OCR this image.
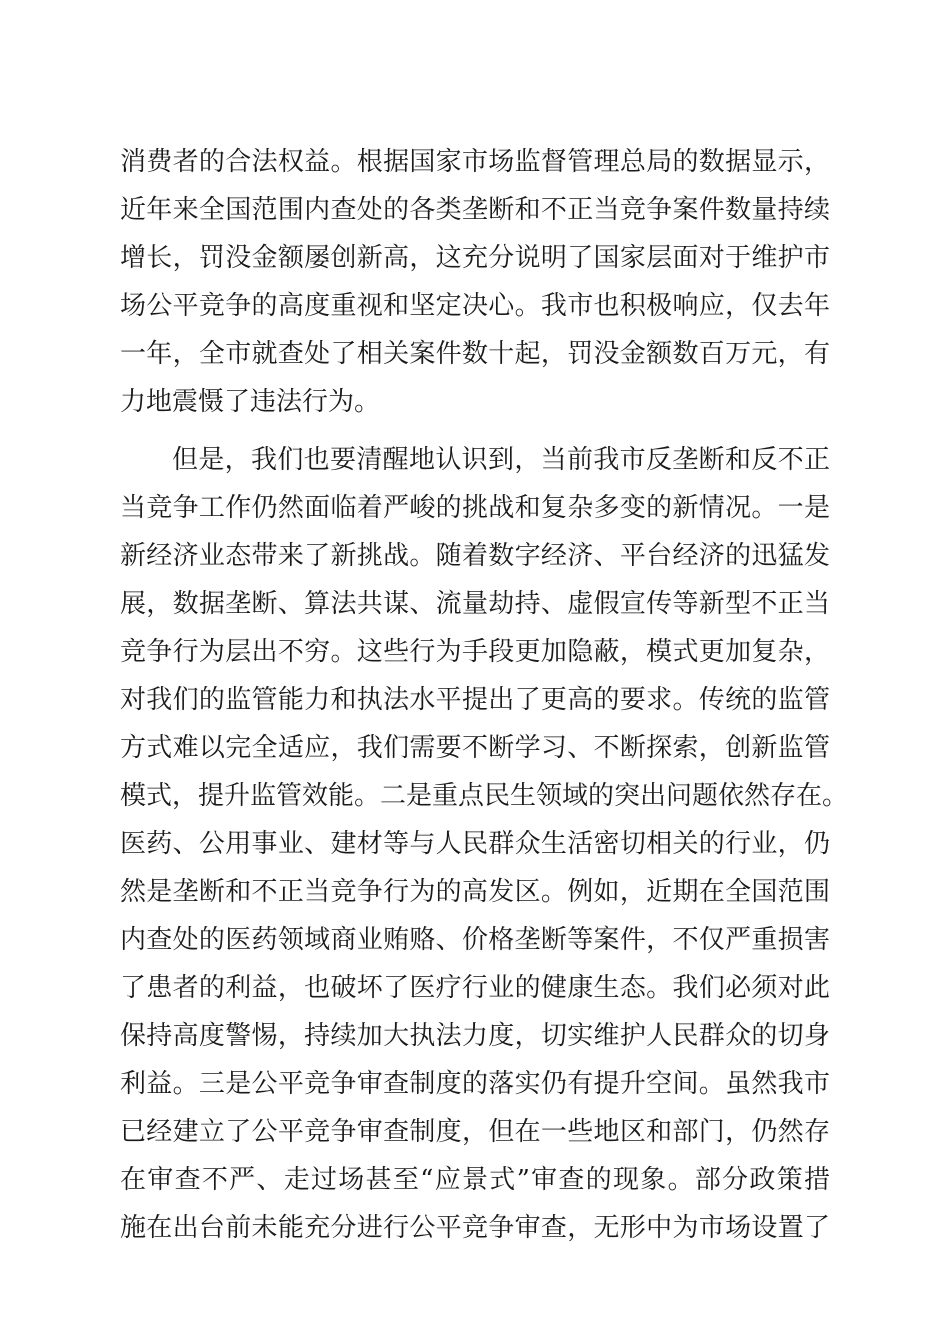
消费者的合法权益。根据国家市场监督管理总局的数据显示，
近年来全国范围内查处的各类垄断和不正当竞争案件数量持续
增长，罚没金额屡创新高，这充分说明了国家层面对于维护市
场公平竞争的高度重视和坚定决心。我市也积极响应，仅去年
一年，全市就查处了相关案件数十起，罚没金额数百万元，有
力地震慑了违法行为。
但是，我们也要清醒地认识到，当前我市反垄断和反不正
当竞争工作仍然面临着严峻的挑战和复杂多变的新情况。一是
新经济业态带来了新挑战。随着数字经济、平台经济的迅猛发
展，数据垄断、算法共谋、流量劫持、虚假宣传等新型不正当
竞争行为层出不穷。这些行为手段更加隐蔽，模式更加复杂，
对我们的监管能力和执法水平提出了更高的要求。传统的监管
方式难以完全适应，我们需要不断学习、不断探索，创新监管
模式，提升监管效能。二是重点民生领域的突出问题依然存在。
医药、公用事业、建材等与人民群众生活密切相关的行业，仍
然是垄断和不正当竞争行为的高发区。例如，近期在全国范围
内查处的医药领域商业贿赂、价格垄断等案件，不仅严重损害
了患者的利益，也破坏了医疗行业的健康生态。我们必须对此
保持高度警惕，持续加大执法力度，切实维护人民群众的切身
利益。三是公平竞争审查制度的落实仍有提升空间。虽然我市
已经建立了公平竞争审查制度，但在一些地区和部门，仍然存
在审查不严、走过场甚至“应景式”审查的现象。部分政策措
施在出台前未能充分进行公平竞争审查，无形中为市场设置了
